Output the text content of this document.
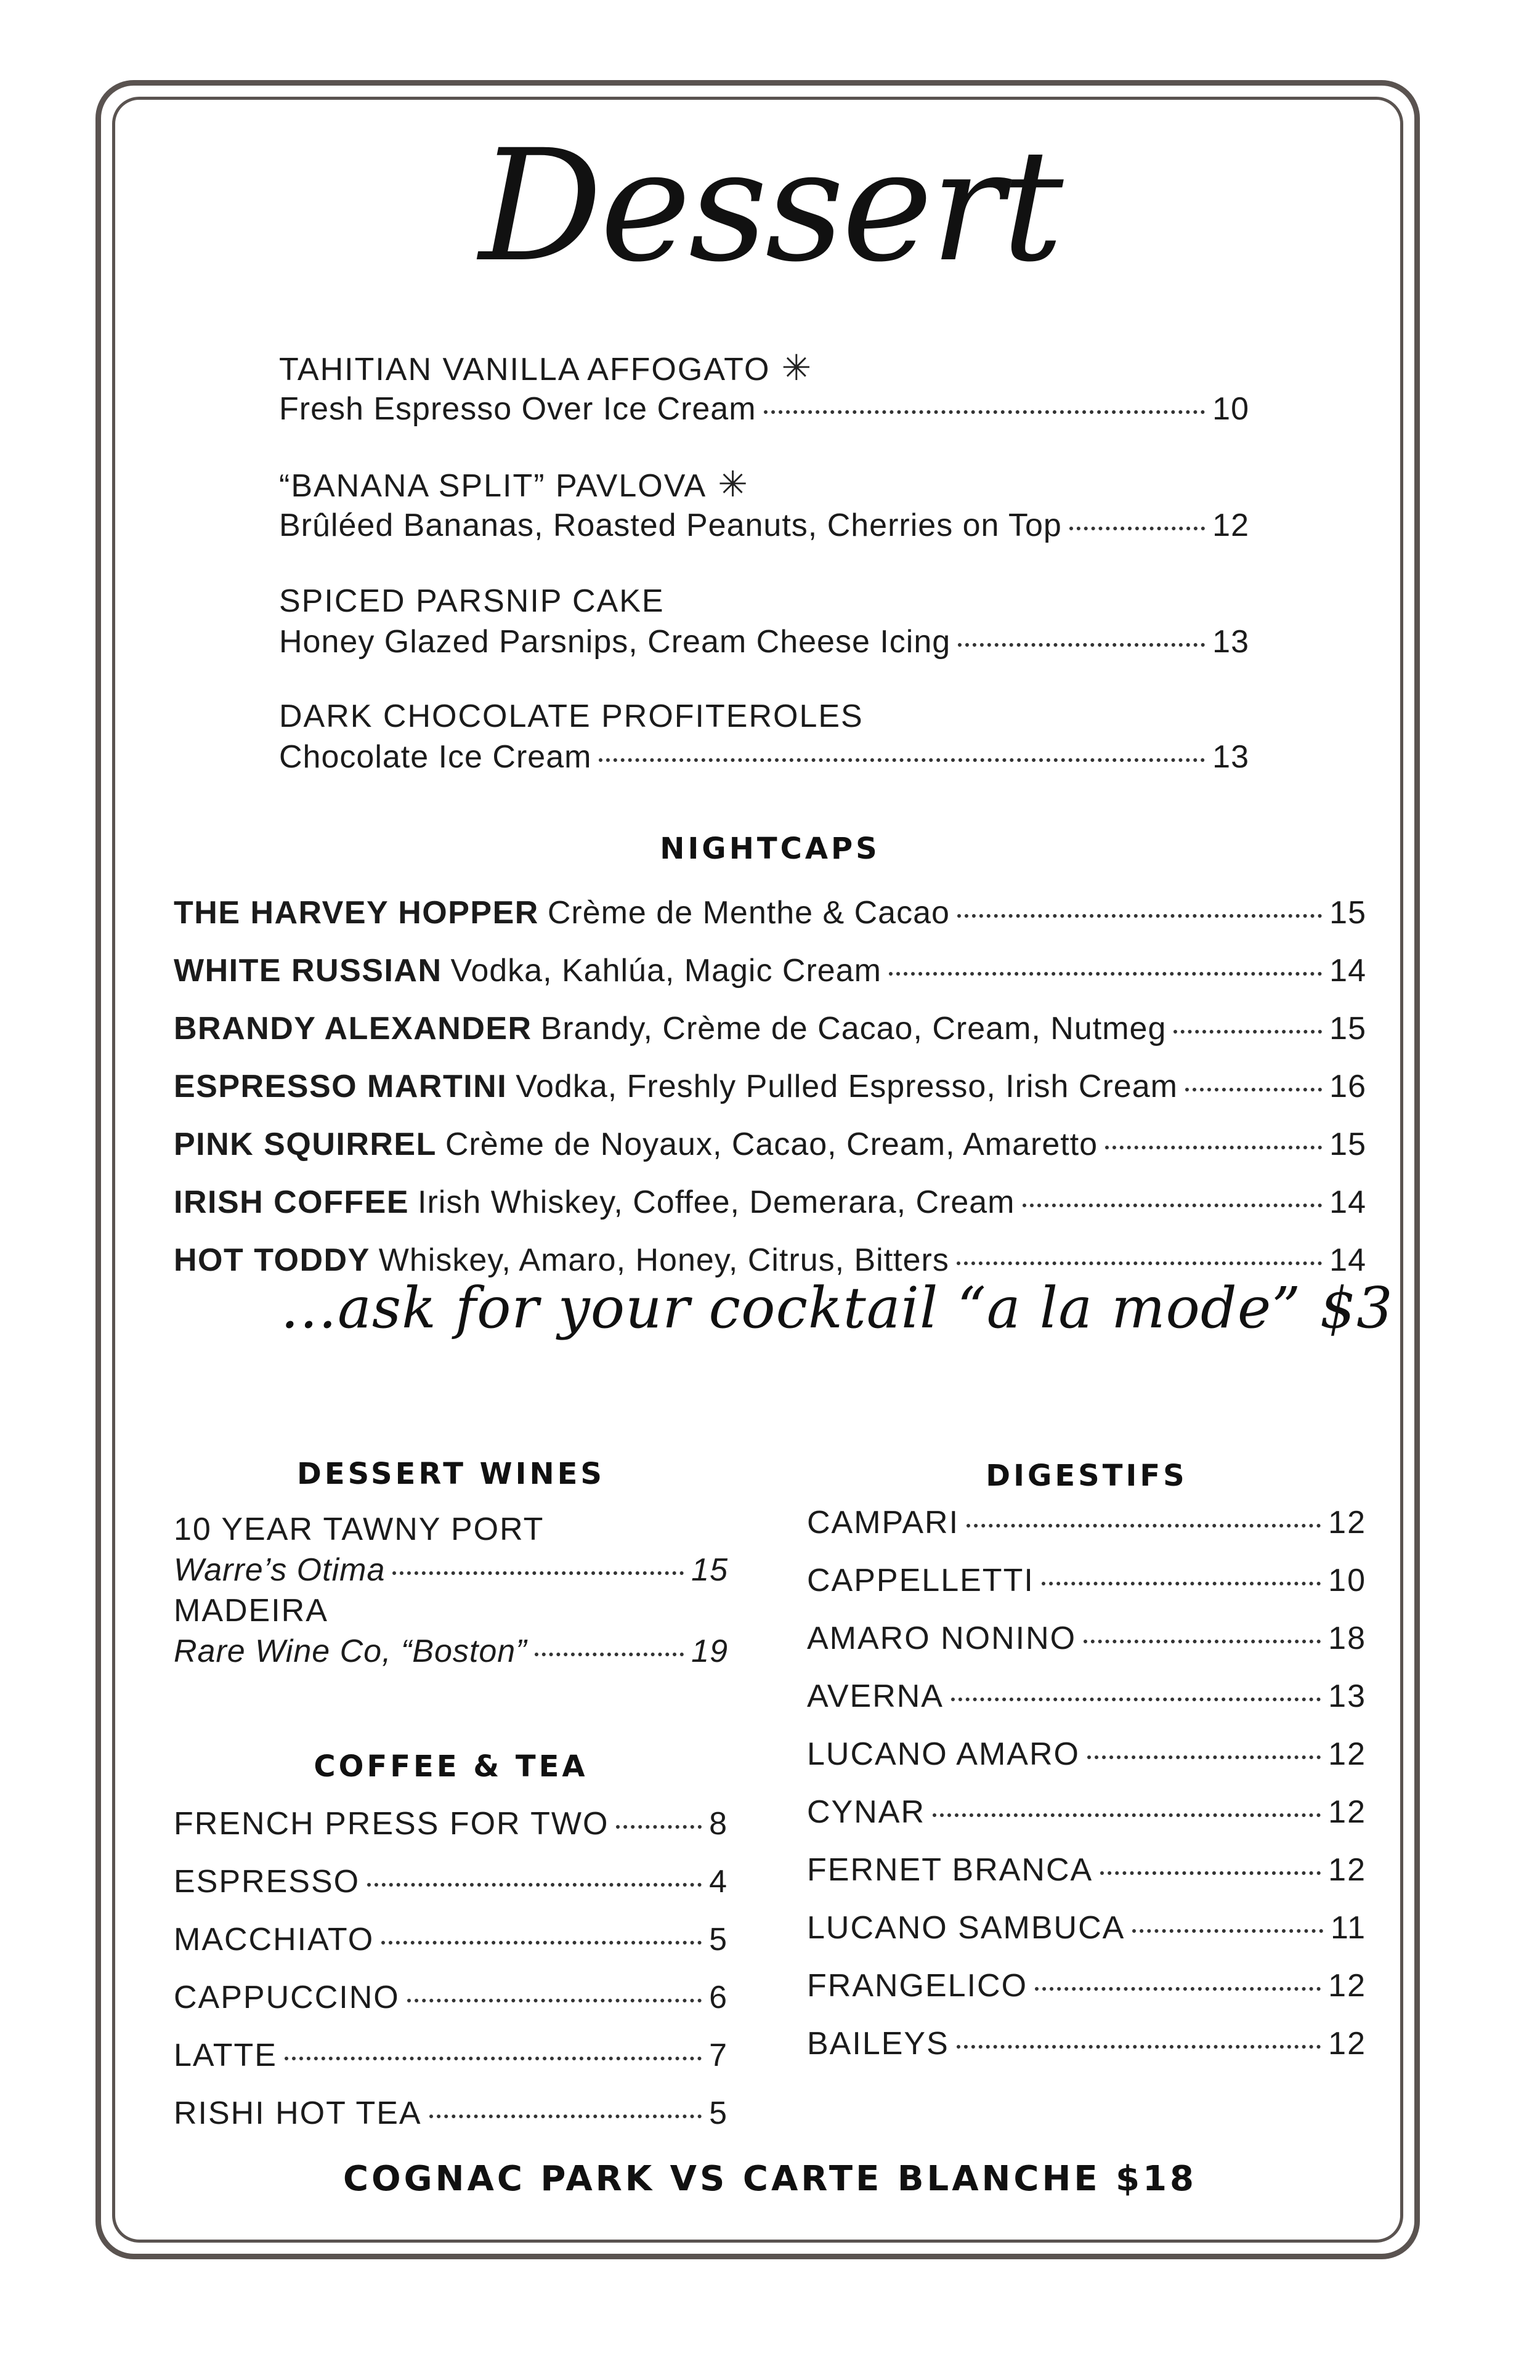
Dessert
TAHITIAN VANILLA AFFOGATO ✳
Fresh Espresso Over Ice Cream	10
“BANANA SPLIT” PAVLOVA ✳
Brûléed Bananas, Roasted Peanuts, Cherries on Top	12
SPICED PARSNIP CAKE
Honey Glazed Parsnips, Cream Cheese Icing	13
DARK CHOCOLATE PROFITEROLES
Chocolate Ice Cream	13
NIGHTCAPS
THE HARVEY HOPPER Crème de Menthe & Cacao	15
WHITE RUSSIAN Vodka, Kahlúa, Magic Cream	14
BRANDY ALEXANDER Brandy, Crème de Cacao, Cream, Nutmeg	15
ESPRESSO MARTINI Vodka, Freshly Pulled Espresso, Irish Cream	16
PINK SQUIRREL Crème de Noyaux, Cacao, Cream, Amaretto	15
IRISH COFFEE Irish Whiskey, Coffee, Demerara, Cream	14
HOT TODDY Whiskey, Amaro, Honey, Citrus, Bitters	14
…ask for your cocktail “a la mode” $3
DESSERT WINES
10 YEAR TAWNY PORT
Warre’s Otima	15
MADEIRA
Rare Wine Co, “Boston”	19
COFFEE & TEA
FRENCH PRESS FOR TWO	8
ESPRESSO	4
MACCHIATO	5
CAPPUCCINO	6
LATTE	7
RISHI HOT TEA	5
DIGESTIFS
CAMPARI	12
CAPPELLETTI	10
AMARO NONINO	18
AVERNA	13
LUCANO AMARO	12
CYNAR	12
FERNET BRANCA	12
LUCANO SAMBUCA	11
FRANGELICO	12
BAILEYS	12
COGNAC PARK VS CARTE BLANCHE $18
